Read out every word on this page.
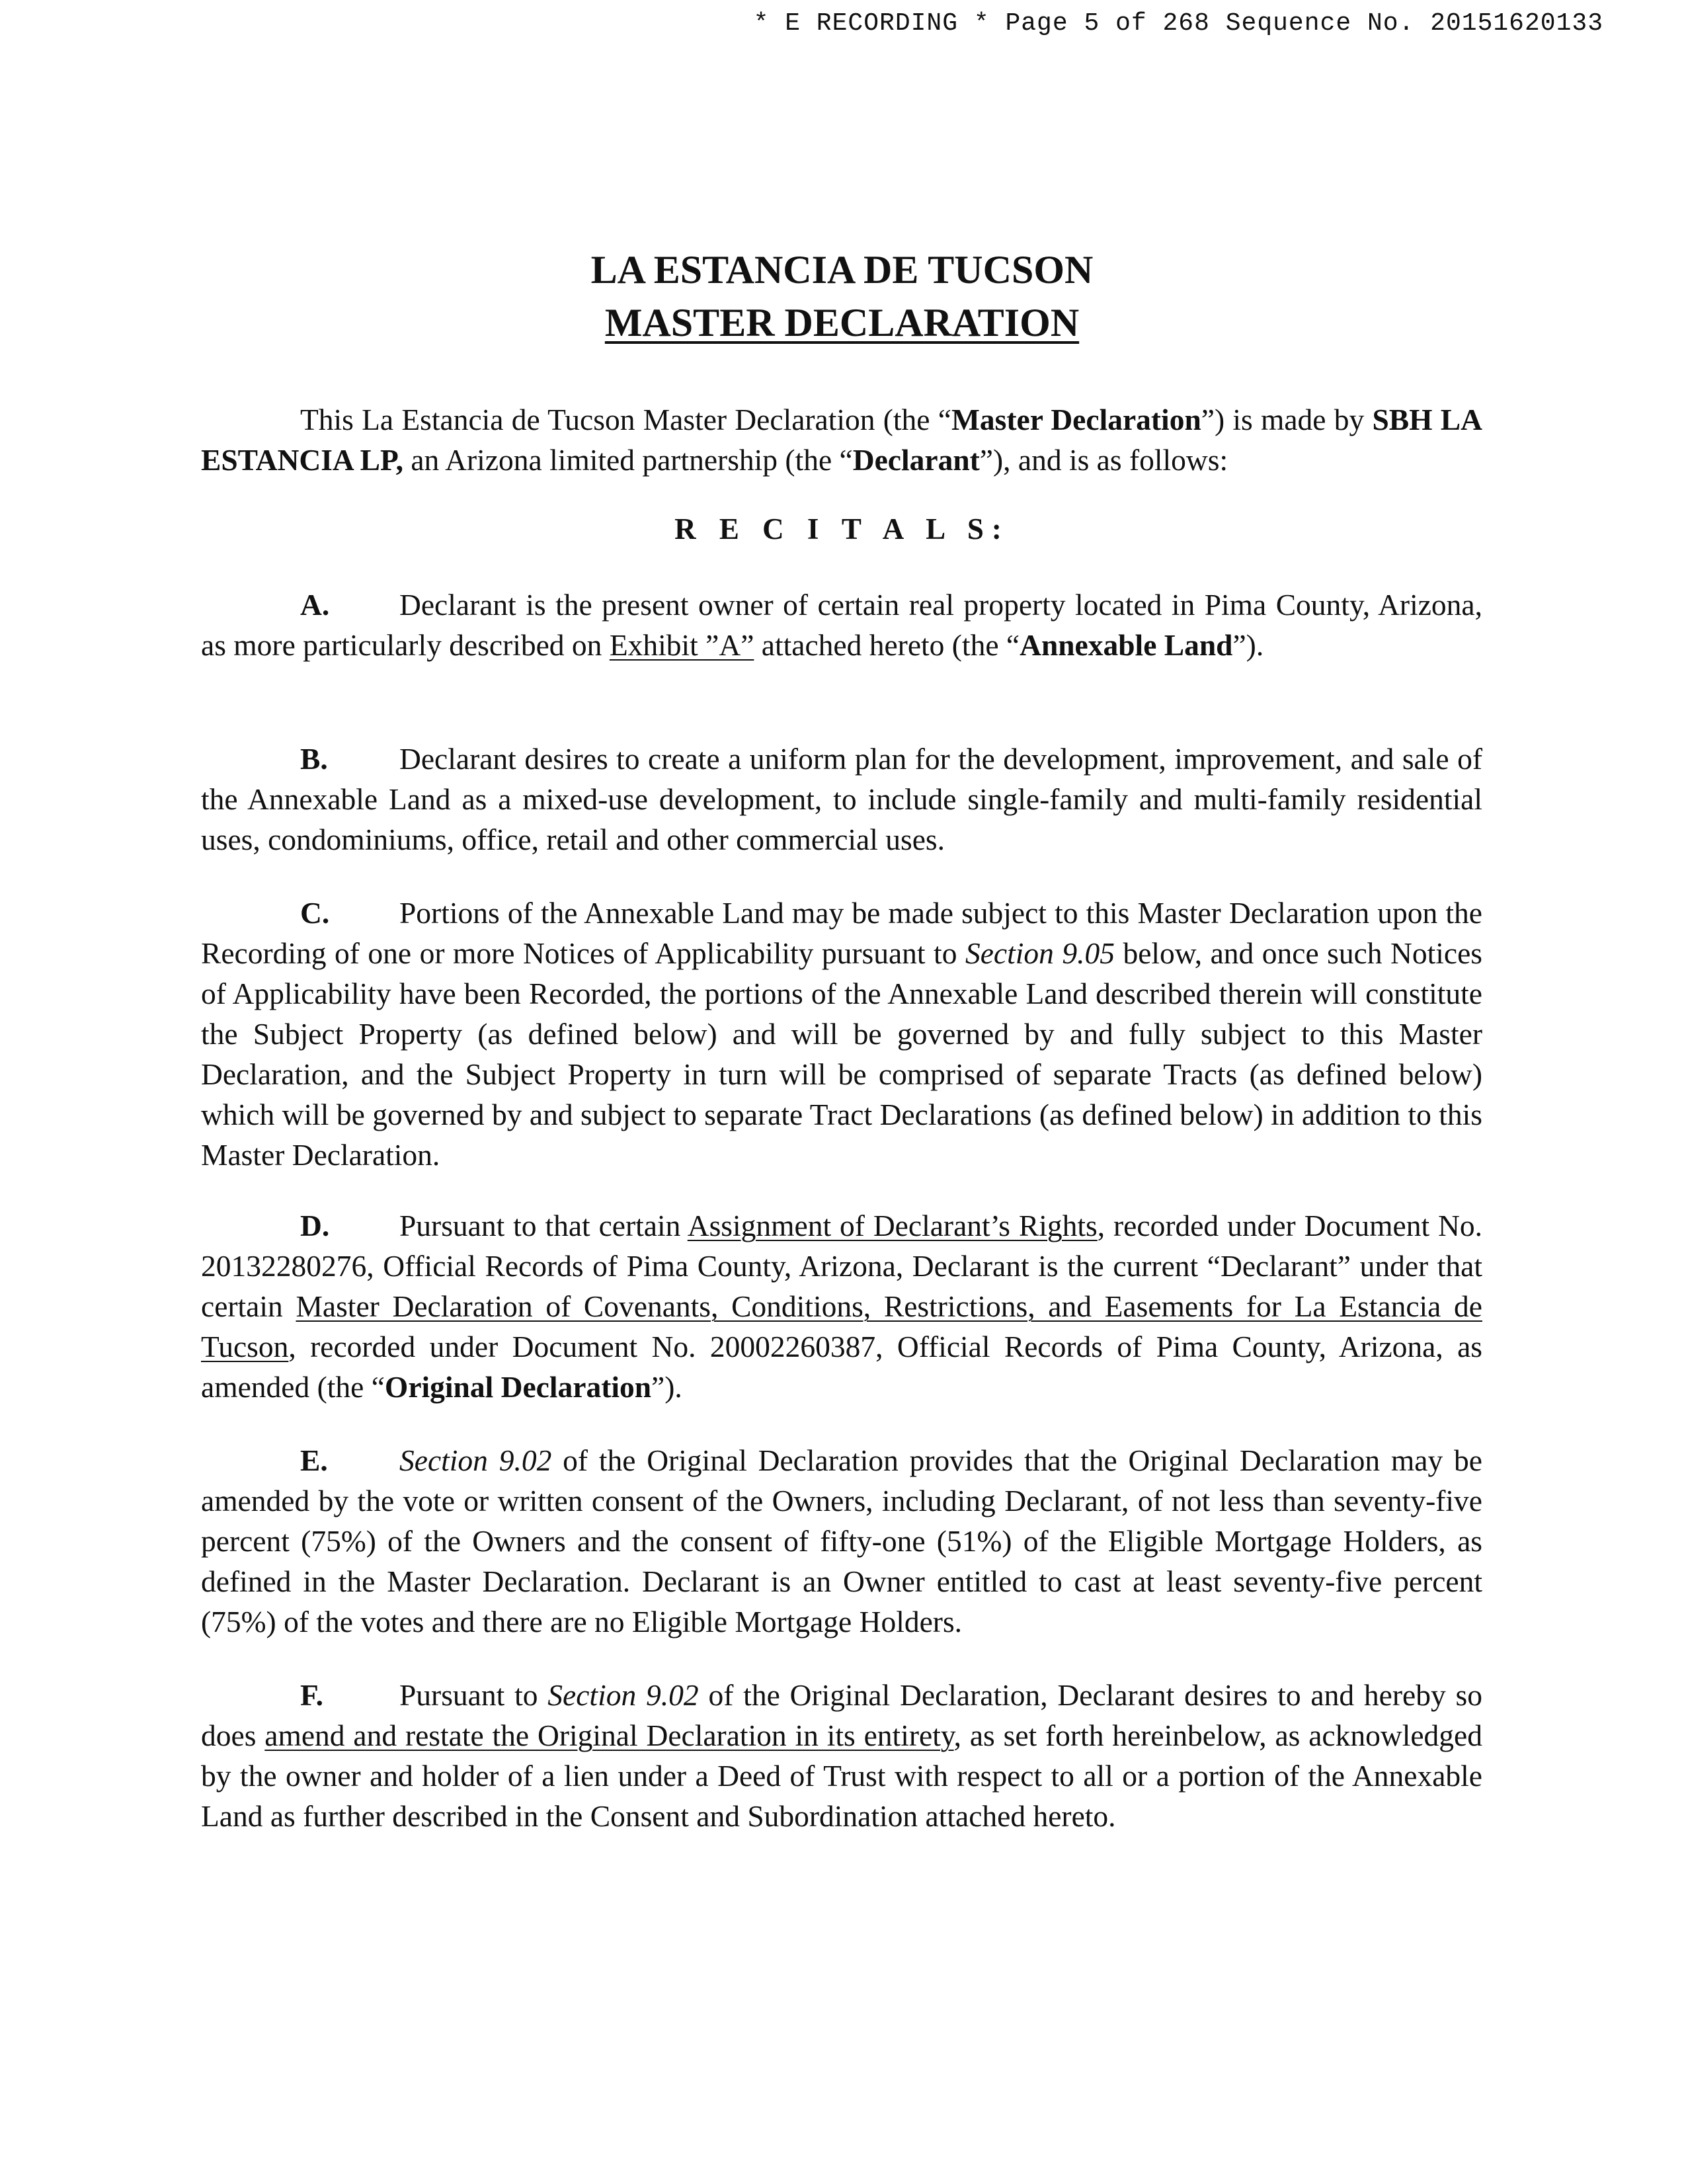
* E RECORDING * Page 5 of 268 Sequence No. 20151620133
LA ESTANCIA DE TUCSON
MASTER DECLARATION

This La Estancia de Tucson Master Declaration (the “Master Declaration”) is made by SBH LA ESTANCIA LP, an Arizona limited partnership (the “Declarant”), and is as follows:

R E C I T A L S:

A. Declarant is the present owner of certain real property located in Pima County, Arizona, as more particularly described on Exhibit ”A” attached hereto (the “Annexable Land”).

B. Declarant desires to create a uniform plan for the development, improvement, and sale of the Annexable Land as a mixed-use development, to include single-family and multi-family residential uses, condominiums, office, retail and other commercial uses.

C. Portions of the Annexable Land may be made subject to this Master Declaration upon the Recording of one or more Notices of Applicability pursuant to Section 9.05 below, and once such Notices of Applicability have been Recorded, the portions of the Annexable Land described therein will constitute the Subject Property (as defined below) and will be governed by and fully subject to this Master Declaration, and the Subject Property in turn will be comprised of separate Tracts (as defined below) which will be governed by and subject to separate Tract Declarations (as defined below) in addition to this Master Declaration.

D. Pursuant to that certain Assignment of Declarant’s Rights, recorded under Document No. 20132280276, Official Records of Pima County, Arizona, Declarant is the current “Declarant” under that certain Master Declaration of Covenants, Conditions, Restrictions, and Easements for La Estancia de Tucson, recorded under Document No. 20002260387, Official Records of Pima County, Arizona, as amended (the “Original Declaration”).

E. Section 9.02 of the Original Declaration provides that the Original Declaration may be amended by the vote or written consent of the Owners, including Declarant, of not less than seventy-five percent (75%) of the Owners and the consent of fifty-one (51%) of the Eligible Mortgage Holders, as defined in the Master Declaration. Declarant is an Owner entitled to cast at least seventy-five percent (75%) of the votes and there are no Eligible Mortgage Holders.

F.	Pursuant to Section 9.02 of the Original Declaration, Declarant desires to and hereby so does amend and restate the Original Declaration in its entirety, as set forth hereinbelow, as acknowledged by the owner and holder of a lien under a Deed of Trust with respect to all or a portion of the Annexable Land as further described in the Consent and Subordination attached hereto.
